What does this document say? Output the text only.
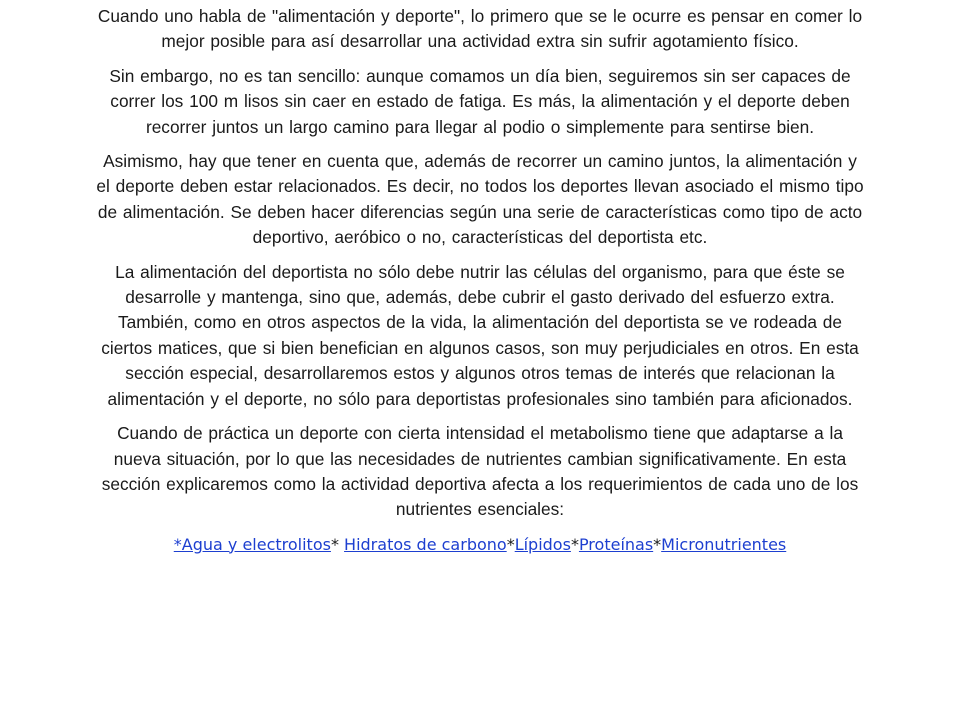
Cuando uno habla de "alimentación y deporte", lo primero que se le ocurre es pensar en comer lo mejor posible para así desarrollar una actividad extra sin sufrir agotamiento físico.

Sin embargo, no es tan sencillo: aunque comamos un día bien, seguiremos sin ser capaces de correr los 100 m lisos sin caer en estado de fatiga. Es más, la alimentación y el deporte deben recorrer juntos un largo camino para llegar al podio o simplemente para sentirse bien.

Asimismo, hay que tener en cuenta que, además de recorrer un camino juntos, la alimentación y el deporte deben estar relacionados. Es decir, no todos los deportes llevan asociado el mismo tipo de alimentación. Se deben hacer diferencias según una serie de características como tipo de acto deportivo, aeróbico o no, características del deportista etc.

La alimentación del deportista no sólo debe nutrir las células del organismo, para que éste se desarrolle y mantenga, sino que, además, debe cubrir el gasto derivado del esfuerzo extra. También, como en otros aspectos de la vida, la alimentación del deportista se ve rodeada de ciertos matices, que si bien benefician en algunos casos, son muy perjudiciales en otros. En esta sección especial, desarrollaremos estos y algunos otros temas de interés que relacionan la alimentación y el deporte, no sólo para deportistas profesionales sino también para aficionados.

Cuando de práctica un deporte con cierta intensidad el metabolismo tiene que adaptarse a la nueva situación, por lo que las necesidades de nutrientes cambian significativamente. En esta sección explicaremos como la actividad deportiva afecta a los requerimientos de cada uno de los nutrientes esenciales:

*Agua y electrolitos* Hidratos de carbono*Lípidos*Proteínas*Micronutrientes
